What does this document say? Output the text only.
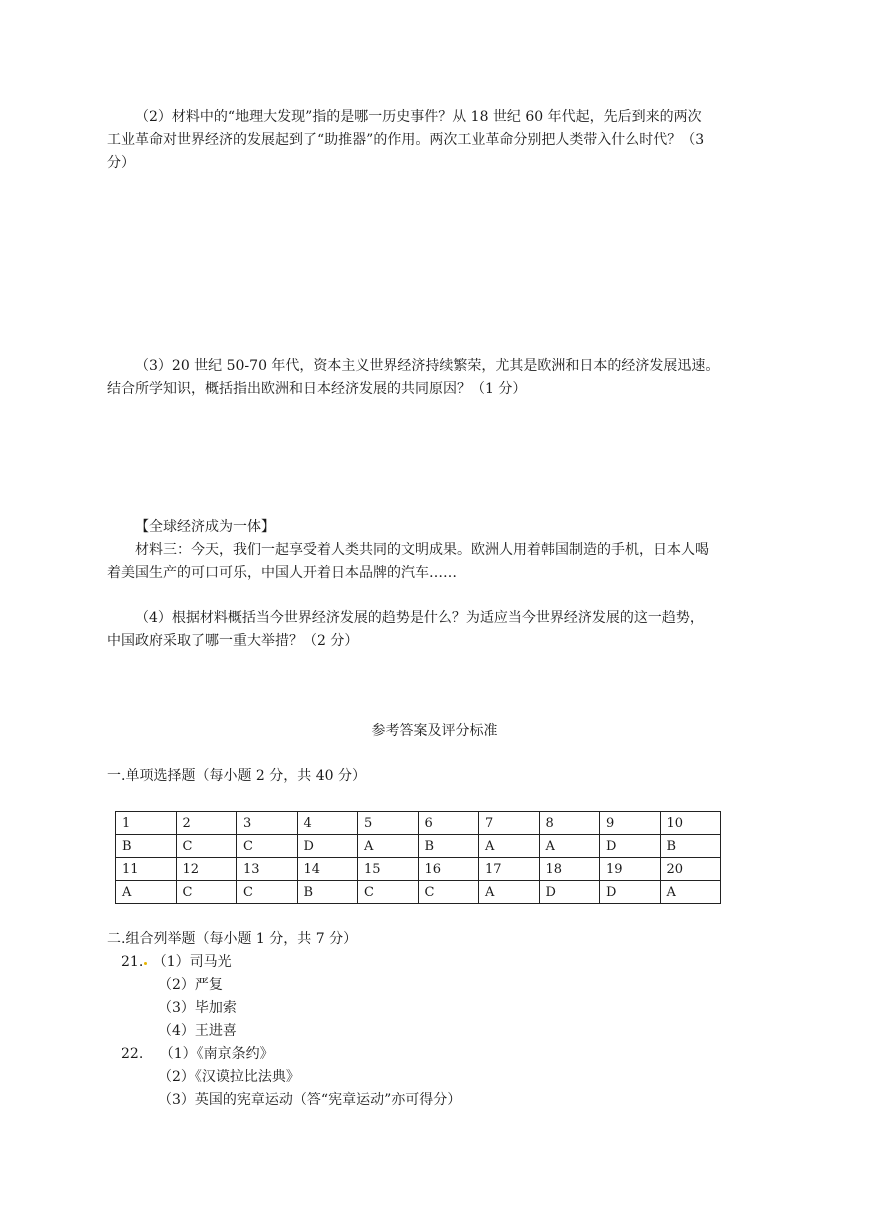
（2）材料中的“地理大发现”指的是哪一历史事件？从 18 世纪 60 年代起，先后到来的两次
工业革命对世界经济的发展起到了“助推器”的作用。两次工业革命分别把人类带入什么时代？（3
分）
（3）20 世纪 50-70 年代，资本主义世界经济持续繁荣，尤其是欧洲和日本的经济发展迅速。
结合所学知识，概括指出欧洲和日本经济发展的共同原因？（1 分）
【全球经济成为一体】
材料三：今天，我们一起享受着人类共同的文明成果。欧洲人用着韩国制造的手机，日本人喝
着美国生产的可口可乐，中国人开着日本品牌的汽车……
（4）根据材料概括当今世界经济发展的趋势是什么？为适应当今世界经济发展的这一趋势，
中国政府采取了哪一重大举措？（2 分）
参考答案及评分标准
一.单项选择题（每小题 2 分，共 40 分）
1	2	3	4	5	6	7	8	9	10
B	C	C	D	A	B	A	A	D	B
11	12	13	14	15	16	17	18	19	20
A	C	C	B	C	C	A	D	D	A
二.组合列举题（每小题 1 分，共 7 分）
21. （1）司马光
（2）严复
（3）毕加索
（4）王进喜
22. （1）《南京条约》
（2）《汉谟拉比法典》
（3）英国的宪章运动（答“宪章运动”亦可得分）
